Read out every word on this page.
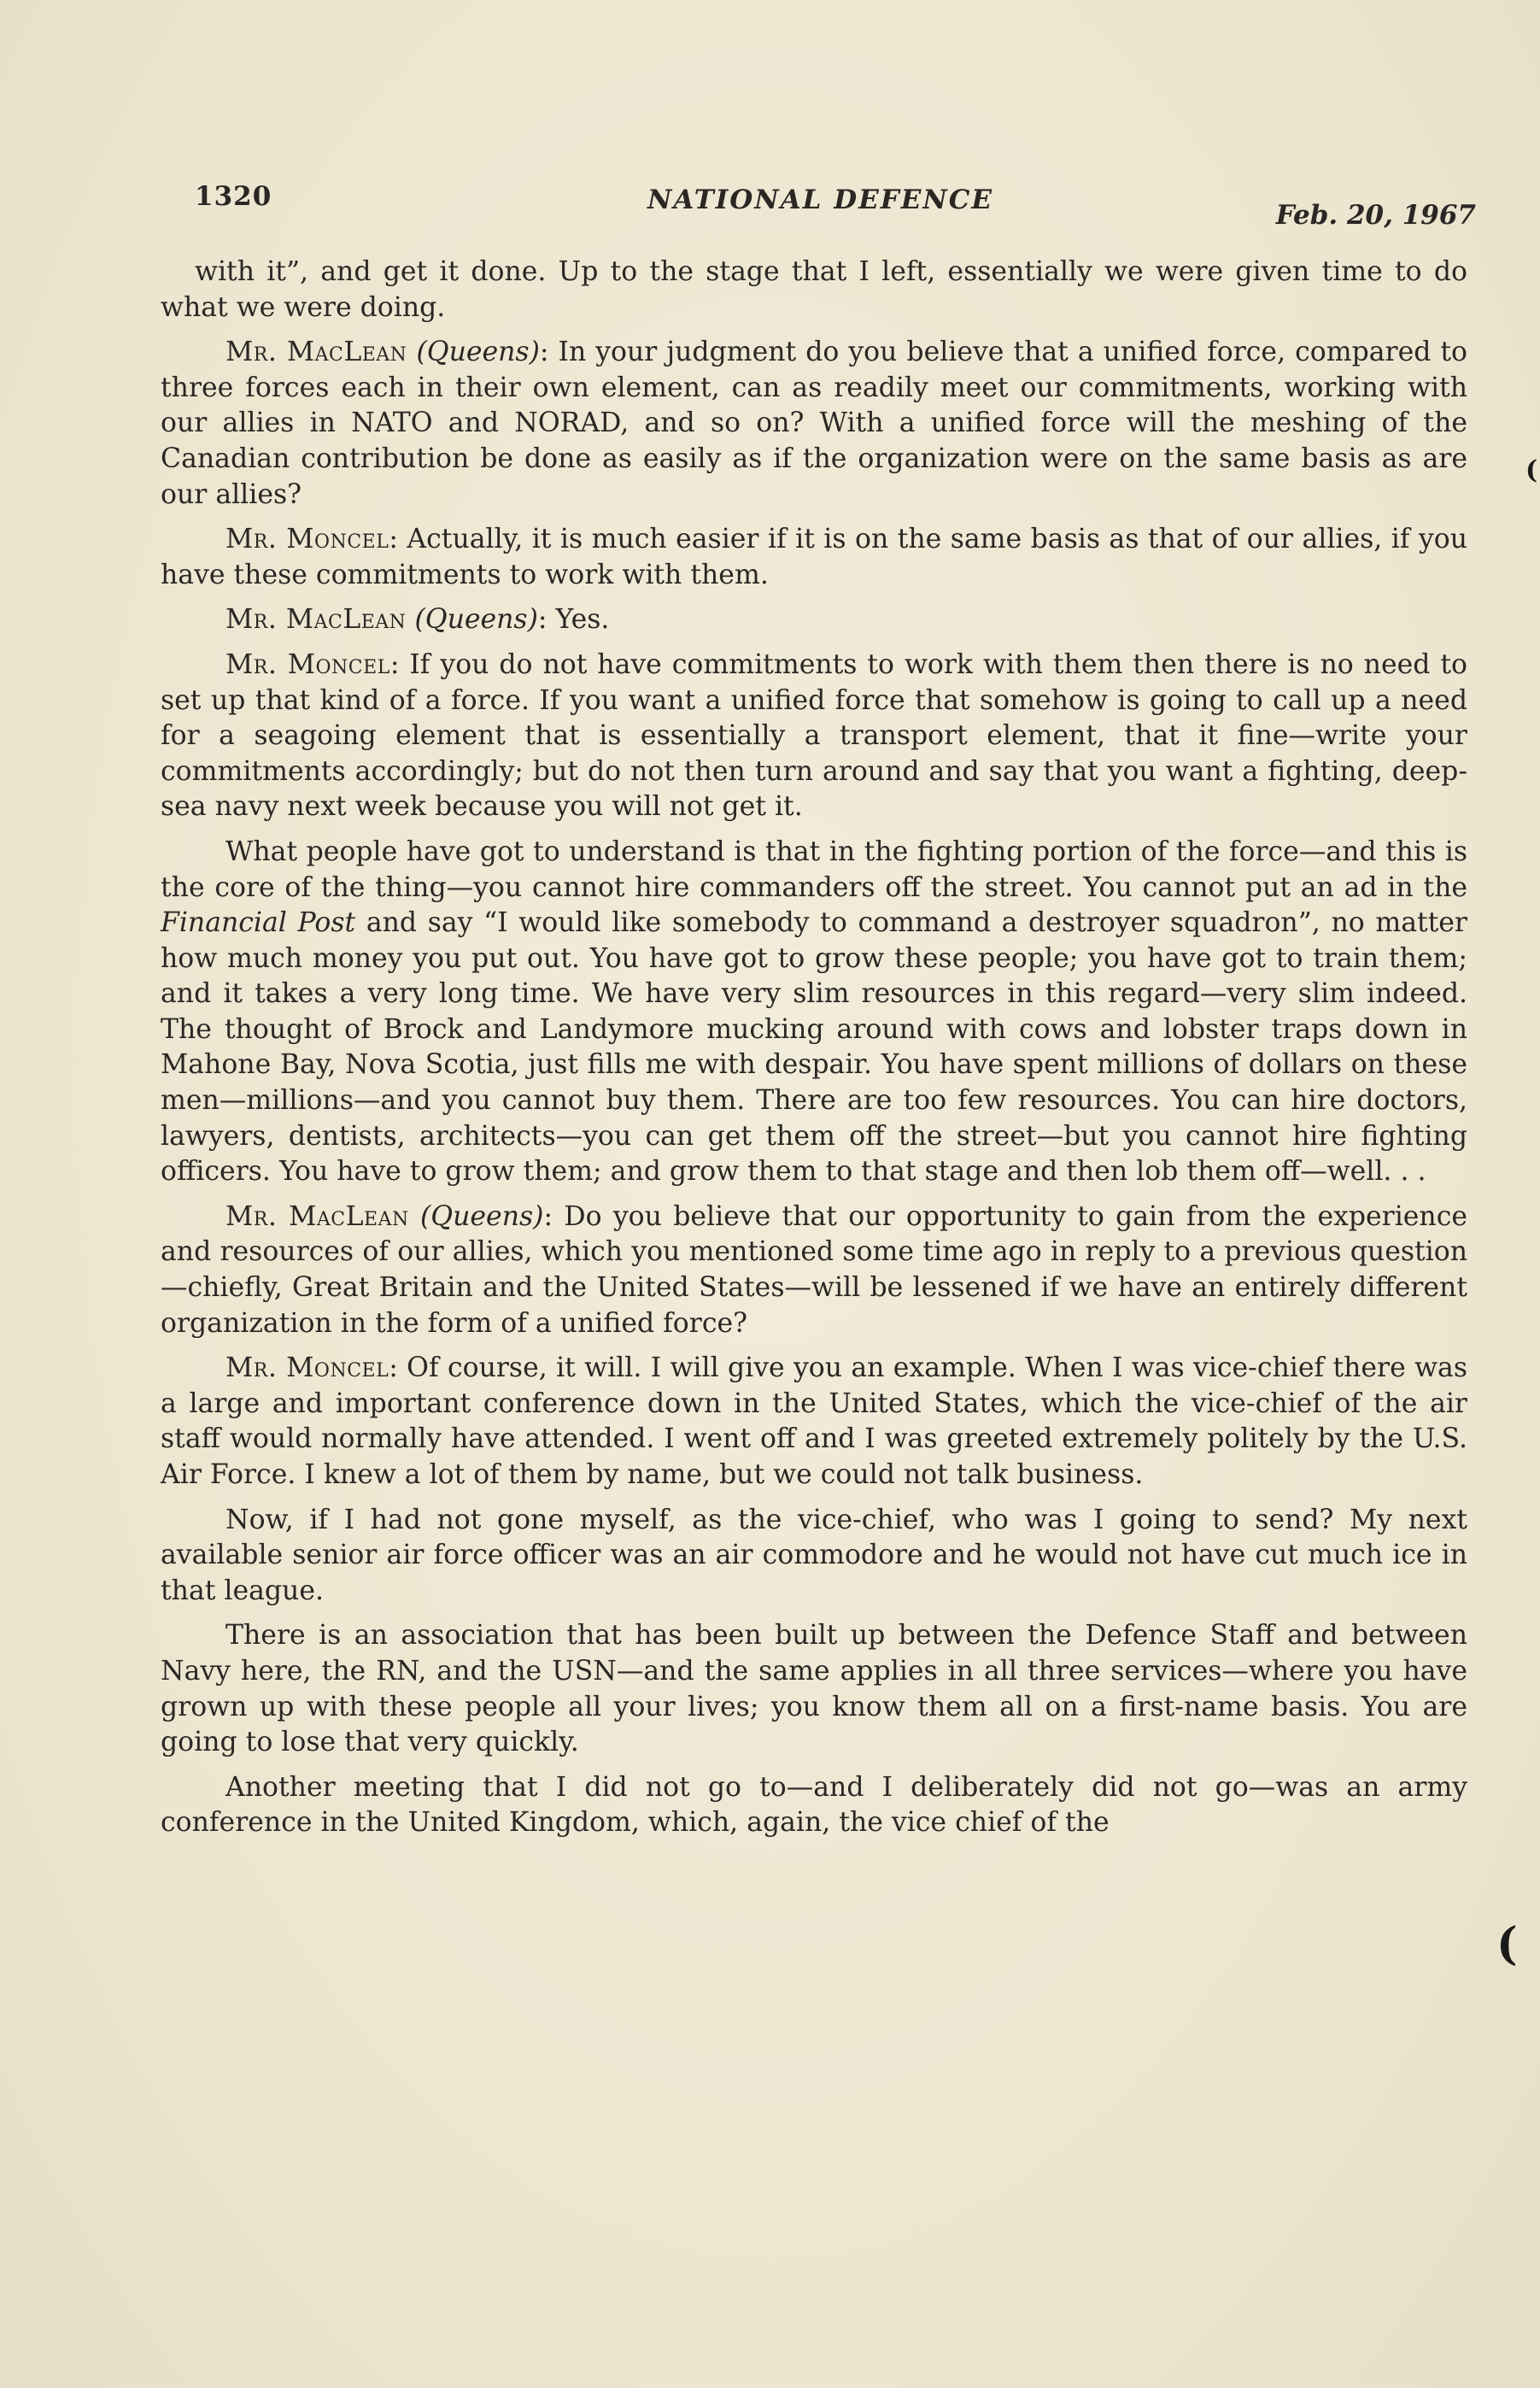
1320	NATIONAL DEFENCE	Feb. 20, 1967

with it”, and get it done. Up to the stage that I left, essentially we were given time to do what we were doing.

Mr. MacLean (Queens): In your judgment do you believe that a unified force, compared to three forces each in their own element, can as readily meet our commitments, working with our allies in NATO and NORAD, and so on? With a unified force will the meshing of the Canadian contribution be done as easily as if the organization were on the same basis as are our allies?

Mr. Moncel: Actually, it is much easier if it is on the same basis as that of our allies, if you have these commitments to work with them.

Mr. MacLean (Queens): Yes.

Mr. Moncel: If you do not have commitments to work with them then there is no need to set up that kind of a force. If you want a unified force that somehow is going to call up a need for a seagoing element that is essentially a transport element, that it fine—write your commitments accordingly; but do not then turn around and say that you want a fighting, deep-sea navy next week because you will not get it.

What people have got to understand is that in the fighting portion of the force—and this is the core of the thing—you cannot hire commanders off the street. You cannot put an ad in the Financial Post and say “I would like somebody to command a destroyer squadron”, no matter how much money you put out. You have got to grow these people; you have got to train them; and it takes a very long time. We have very slim resources in this regard—very slim indeed. The thought of Brock and Landymore mucking around with cows and lobster traps down in Mahone Bay, Nova Scotia, just fills me with despair. You have spent millions of dollars on these men—millions—and you cannot buy them. There are too few resources. You can hire doctors, lawyers, dentists, architects—you can get them off the street—but you cannot hire fighting officers. You have to grow them; and grow them to that stage and then lob them off—well. . .

Mr. MacLean (Queens): Do you believe that our opportunity to gain from the experience and resources of our allies, which you mentioned some time ago in reply to a previous question—chiefly, Great Britain and the United States—will be lessened if we have an entirely different organization in the form of a unified force?

Mr. Moncel: Of course, it will. I will give you an example. When I was vice-chief there was a large and important conference down in the United States, which the vice-chief of the air staff would normally have attended. I went off and I was greeted extremely politely by the U.S. Air Force. I knew a lot of them by name, but we could not talk business.

Now, if I had not gone myself, as the vice-chief, who was I going to send? My next available senior air force officer was an air commodore and he would not have cut much ice in that league.

There is an association that has been built up between the Defence Staff and between Navy here, the RN, and the USN—and the same applies in all three services—where you have grown up with these people all your lives; you know them all on a first-name basis. You are going to lose that very quickly.

Another meeting that I did not go to—and I deliberately did not go—was an army conference in the United Kingdom, which, again, the vice chief of the

(
(
